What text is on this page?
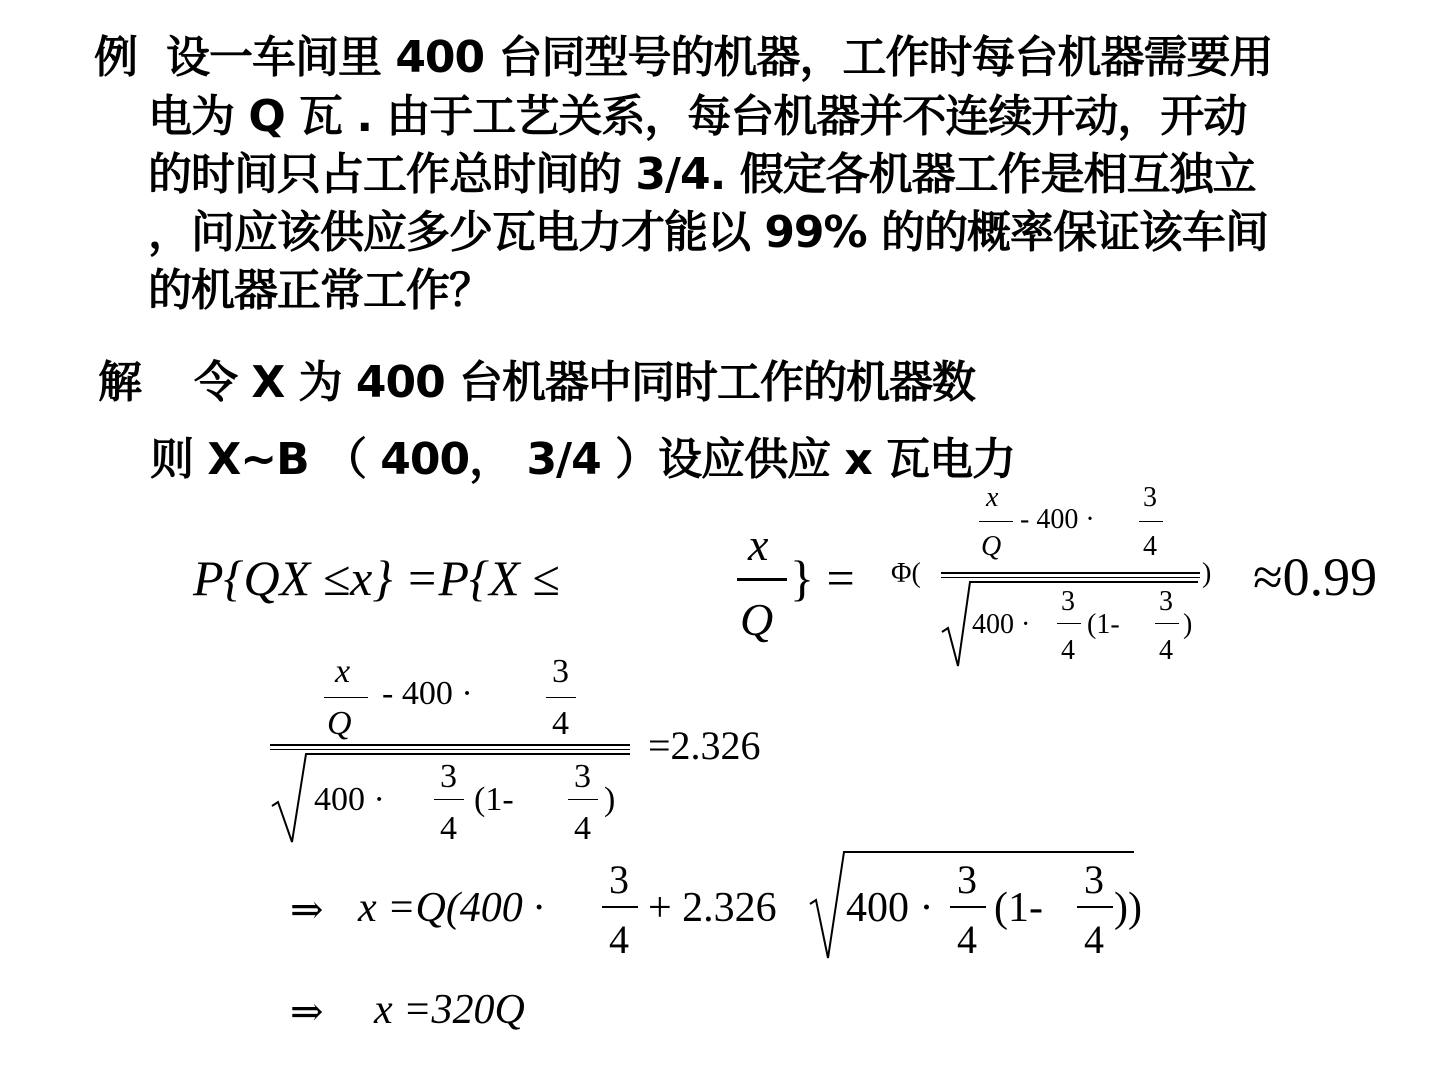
例 设一车间里 400 台同型号的机器，工作时每台机器需要用
电为 Q 瓦 . 由于工艺关系，每台机器并不连续开动，开动
的时间只占工作总时间的 3/4. 假定各机器工作是相互独立
，问应该供应多少瓦电力才能以 99% 的的概率保证该车间
的机器正常工作？
解 令 X 为 400 台机器中同时工作的机器数
则 X~B （ 400， 3/4 ）设应供应 x 瓦电力
P{QX ≤x} =P{X ≤
x
Q
} = Φ(
x
Q
- 400 ·
3
4
400 ·
3
4
(1-
3
4
)
) ≈0.99
x
Q
- 400 ·
3
4
400 ·
3
4
(1-
3
4
)
=2.326
⇒ x =Q(400 ·
3
4
+ 2.326 400 ·
3
4
(1-
3
4
))
⇒ x =320Q
